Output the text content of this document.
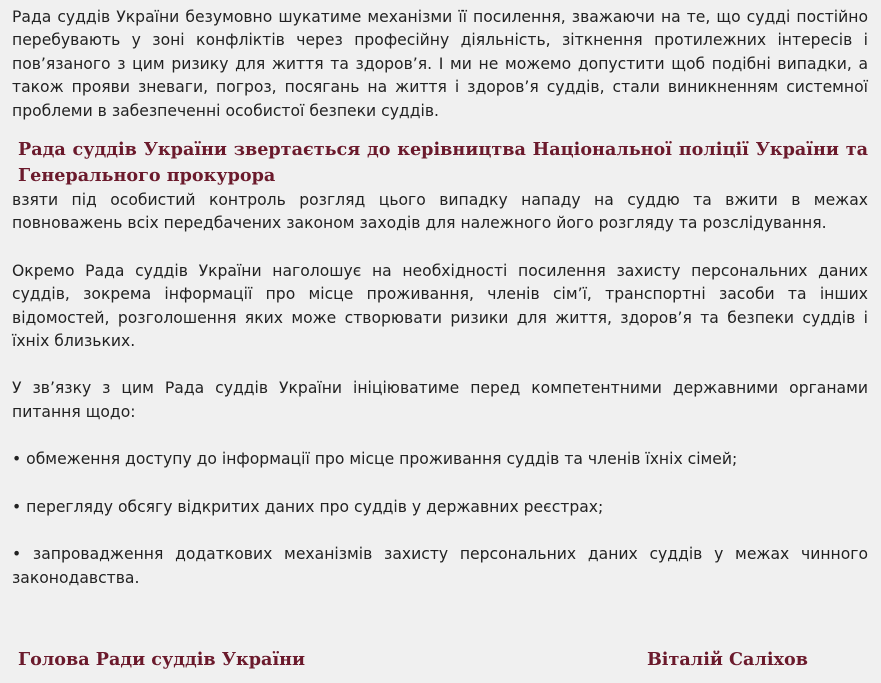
Рада суддів України безумовно шукатиме механізми її посилення, зважаючи на те, що судді постійно перебувають у зоні конфліктів через професійну діяльність, зіткнення протилежних інтересів і пов’язаного з цим ризику для життя та здоров’я. І ми не можемо допустити щоб подібні випадки, а також прояви зневаги, погроз, посягань на життя і здоров’я суддів, стали виникненням системної проблеми в забезпеченні особистої безпеки суддів.

Рада суддів України звертається до керівництва Національної поліції України та Генерального прокурора

взяти під особистий контроль розгляд цього випадку нападу на суддю та вжити в межах повноважень всіх передбачених законом заходів для належного його розгляду та розслідування.

Окремо Рада суддів України наголошує на необхідності посилення захисту персональних даних суддів, зокрема інформації про місце проживання, членів сім’ї, транспортні засоби та інших відомостей, розголошення яких може створювати ризики для життя, здоров’я та безпеки суддів і їхніх близьких.

У зв’язку з цим Рада суддів України ініціюватиме перед компетентними державними органами питання щодо:

• обмеження доступу до інформації про місце проживання суддів та членів їхніх сімей;

• перегляду обсягу відкритих даних про суддів у державних реєстрах;

• запровадження додаткових механізмів захисту персональних даних суддів у межах чинного законодавства.

Голова Ради суддів України	Віталій Саліхов
